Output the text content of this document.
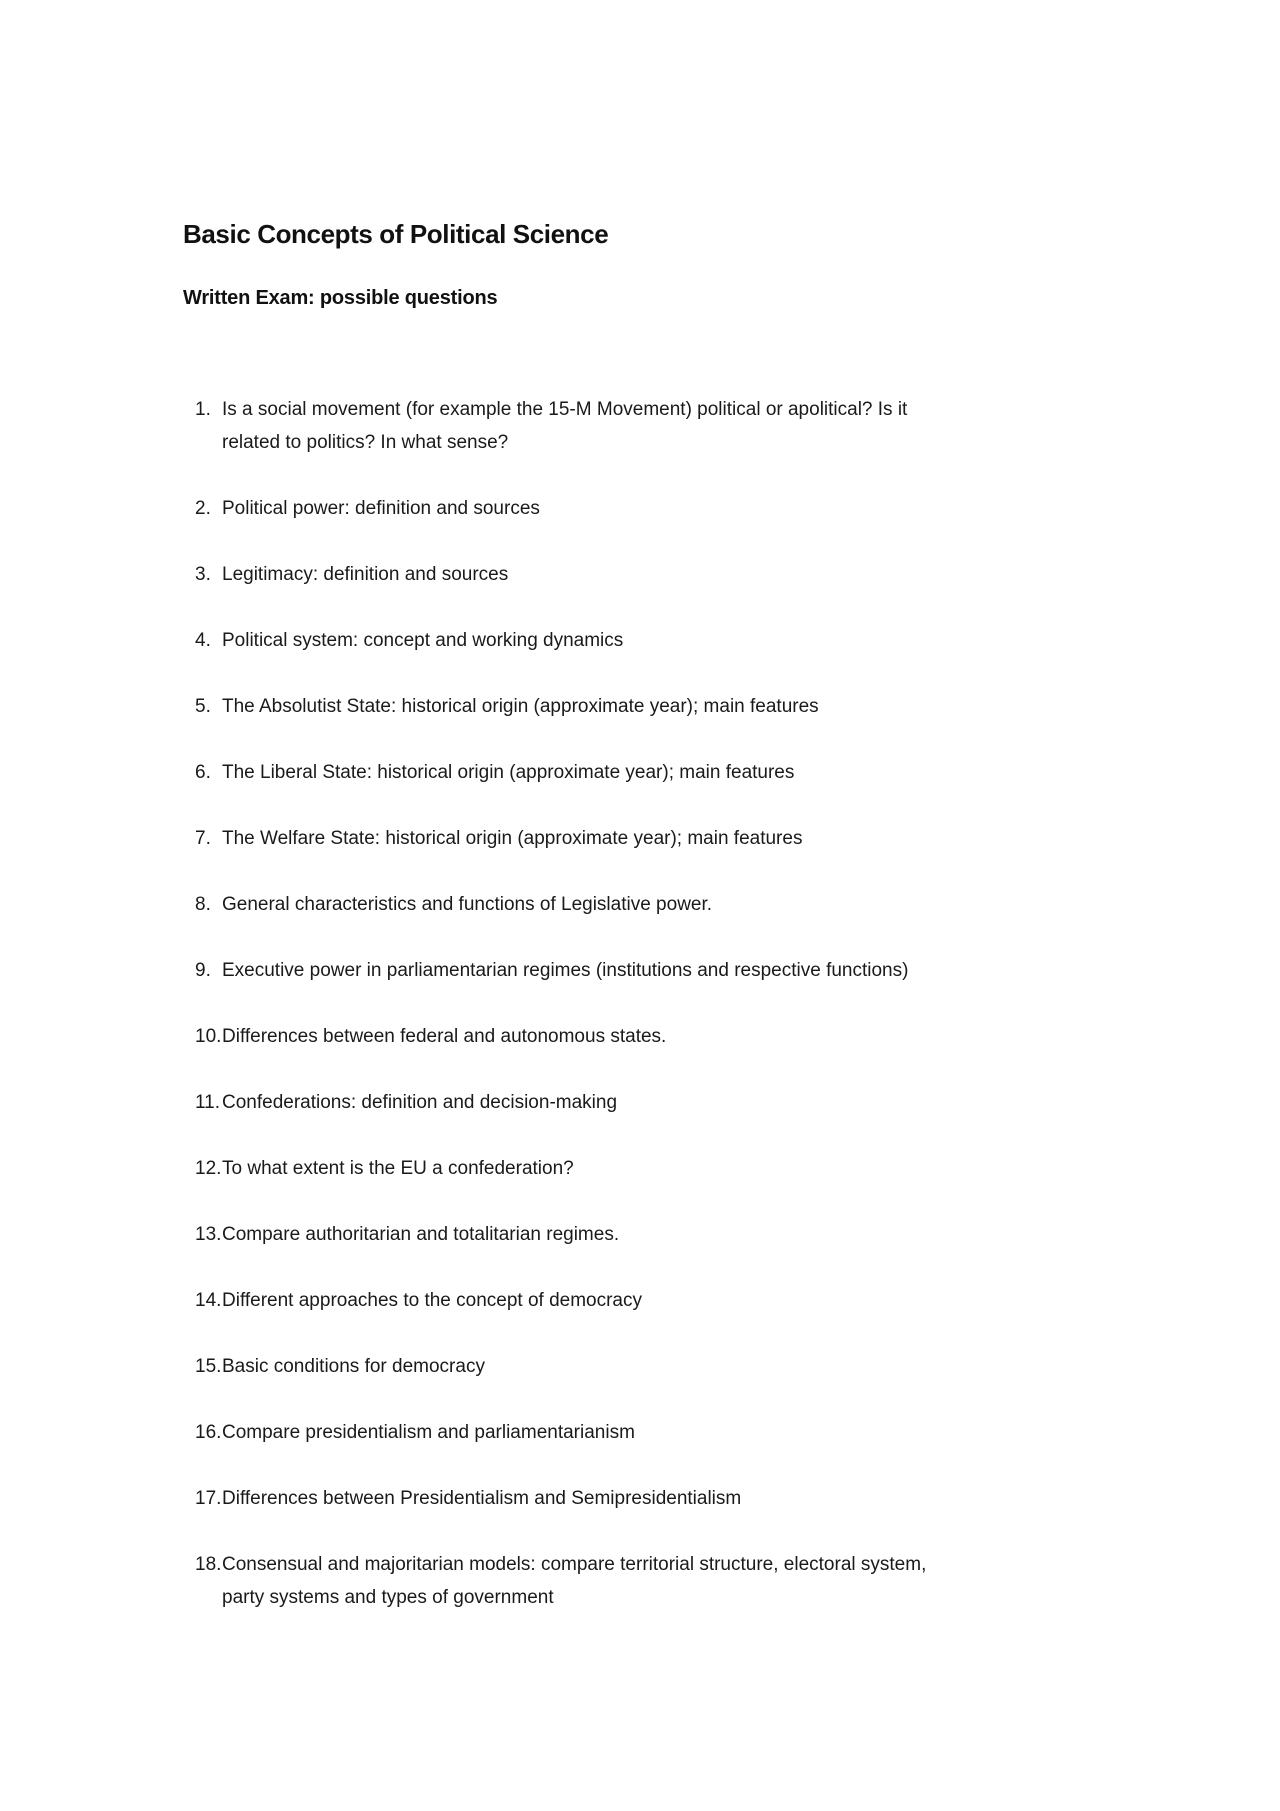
Basic Concepts of Political Science
Written Exam: possible questions
1. Is a social movement (for example the 15-M Movement) political or apolitical? Is it
related to politics? In what sense?
2. Political power: definition and sources
3. Legitimacy: definition and sources
4. Political system: concept and working dynamics
5. The Absolutist State: historical origin (approximate year); main features
6. The Liberal State: historical origin (approximate year); main features
7. The Welfare State: historical origin (approximate year); main features
8. General characteristics and functions of Legislative power.
9. Executive power in parliamentarian regimes (institutions and respective functions)
10. Differences between federal and autonomous states.
11. Confederations: definition and decision-making
12. To what extent is the EU a confederation?
13. Compare authoritarian and totalitarian regimes.
14. Different approaches to the concept of democracy
15. Basic conditions for democracy
16. Compare presidentialism and parliamentarianism
17. Differences between Presidentialism and Semipresidentialism
18. Consensual and majoritarian models: compare territorial structure, electoral system,
party systems and types of government
